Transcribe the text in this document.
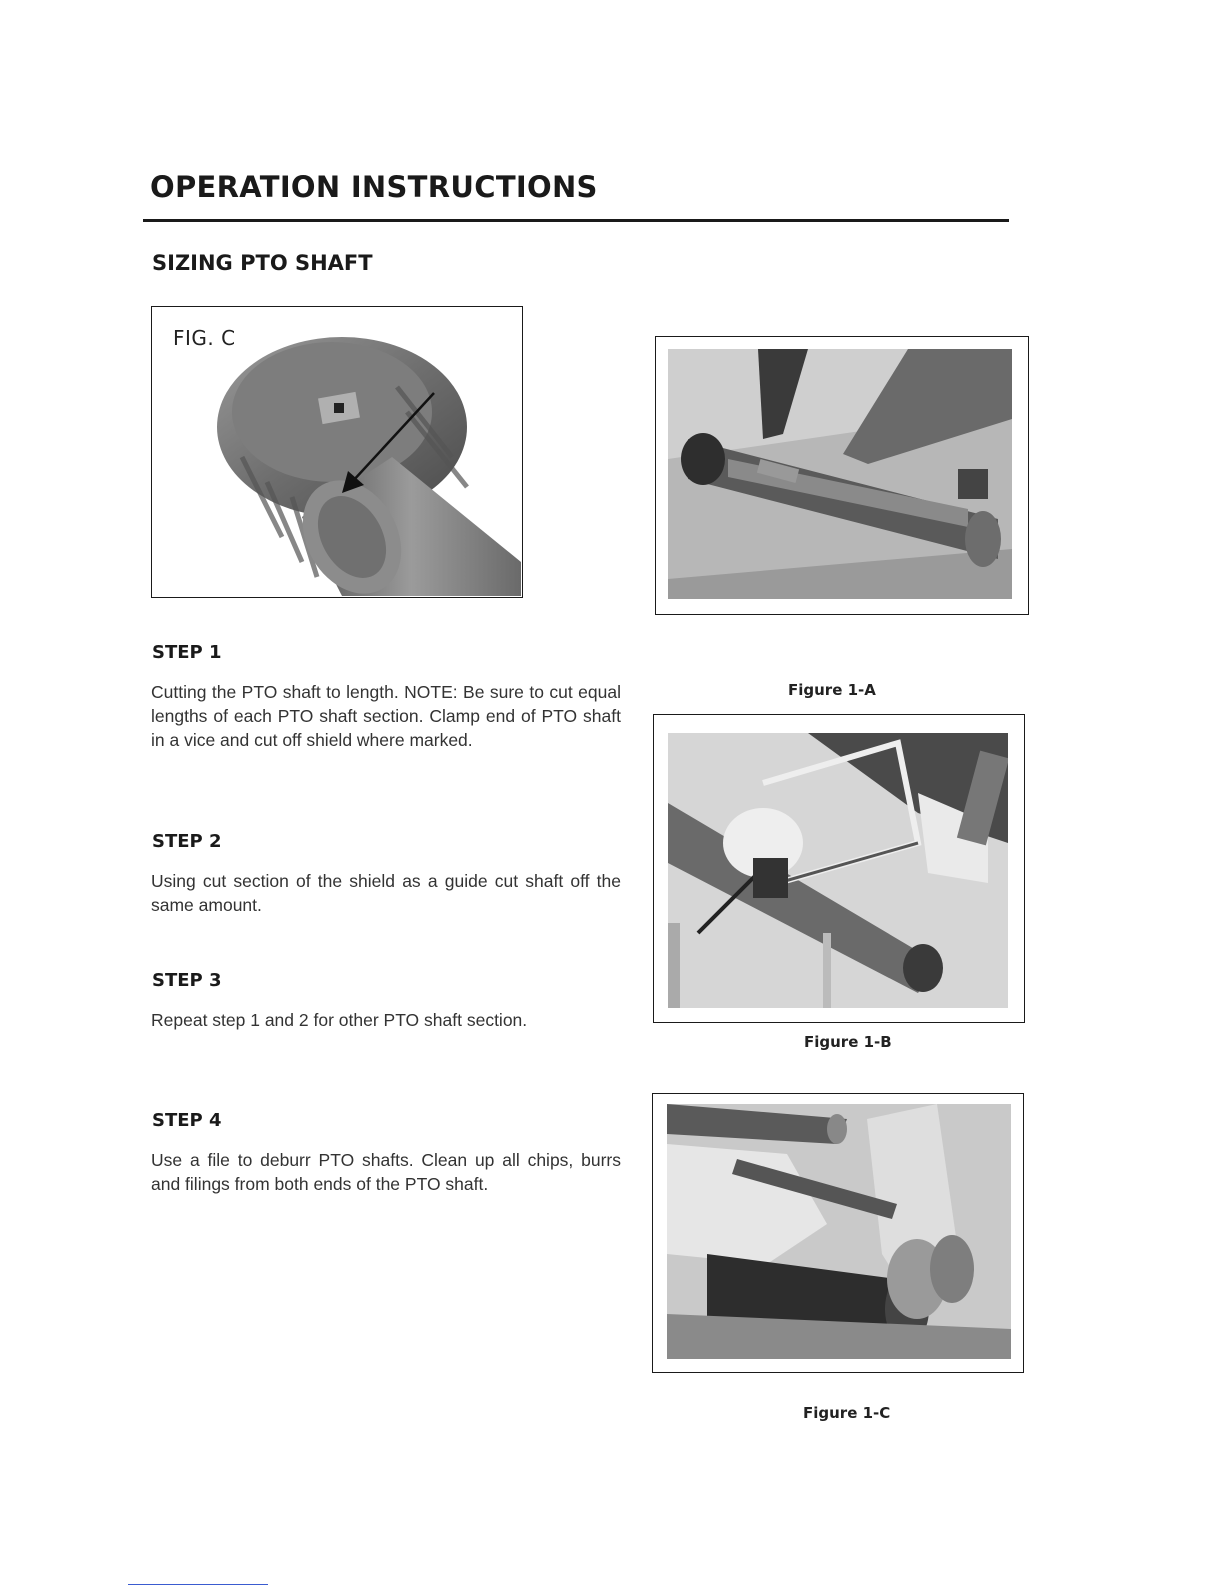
OPERATION INSTRUCTIONS
SIZING PTO SHAFT
FIG. C
Figure 1-A
Figure 1-B
Figure 1-C
STEP 1
Cutting the PTO shaft to length. NOTE: Be sure to cut equal lengths of each PTO shaft section. Clamp end of PTO shaft in a vice and cut off shield where marked.
STEP 2
Using cut section of the shield as a guide cut shaft off the same amount.
STEP 3
Repeat step 1 and 2 for other PTO shaft section.
STEP 4
Use a file to deburr PTO shafts. Clean up all chips, burrs and filings from both ends of the PTO shaft.
